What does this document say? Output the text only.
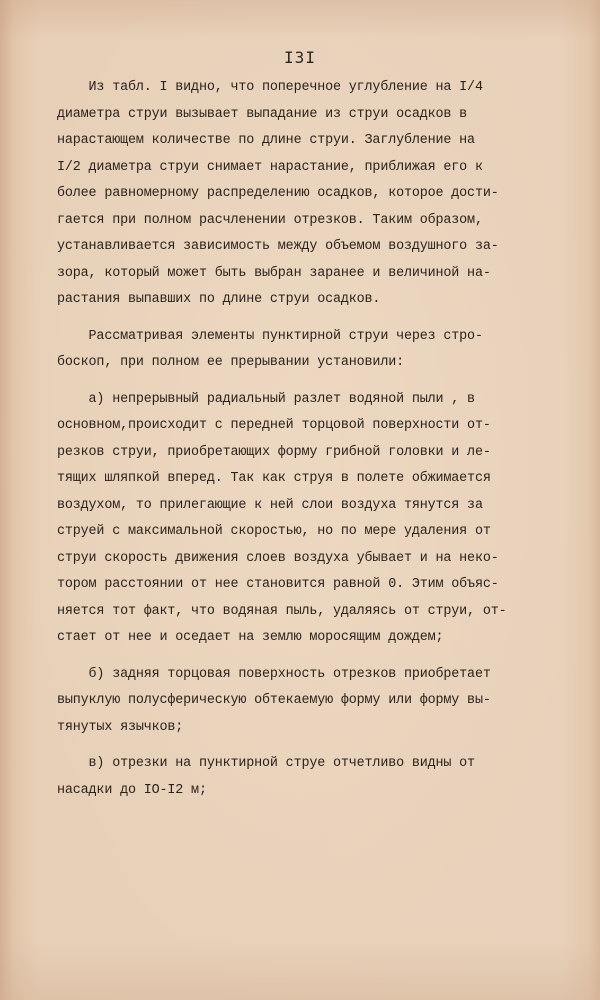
I3I
Из табл. I видно, что поперечное углубление на I/4
диаметра струи вызывает выпадание из струи осадков в
нарастающем количестве по длине струи. Заглубление на
I/2 диаметра струи снимает нарастание, приближая его к
более равномерному распределению осадков, которое дости-
гается при полном расчленении отрезков. Таким образом,
устанавливается зависимость между объемом воздушного за-
зора, который может быть выбран заранее и величиной на-
растания выпавших по длине струи осадков.
Рассматривая элементы пунктирной струи через стро-
боскоп, при полном ее прерывании установили:
а) непрерывный радиальный разлет водяной пыли , в
основном,происходит с передней торцовой поверхности от-
резков струи, приобретающих форму грибной головки и ле-
тящих шляпкой вперед. Так как струя в полете обжимается
воздухом, то прилегающие к ней слои воздуха тянутся за
струей с максимальной скоростью, но по мере удаления от
струи скорость движения слоев воздуха убывает и на неко-
тором расстоянии от нее становится равной 0. Этим объяс-
няется тот факт, что водяная пыль, удаляясь от струи, от-
стает от нее и оседает на землю моросящим дождем;
б) задняя торцовая поверхность отрезков приобретает
выпуклую полусферическую обтекаемую форму или форму вы-
тянутых язычков;
в) отрезки на пунктирной струе отчетливо видны от
насадки до IO-I2 м;
